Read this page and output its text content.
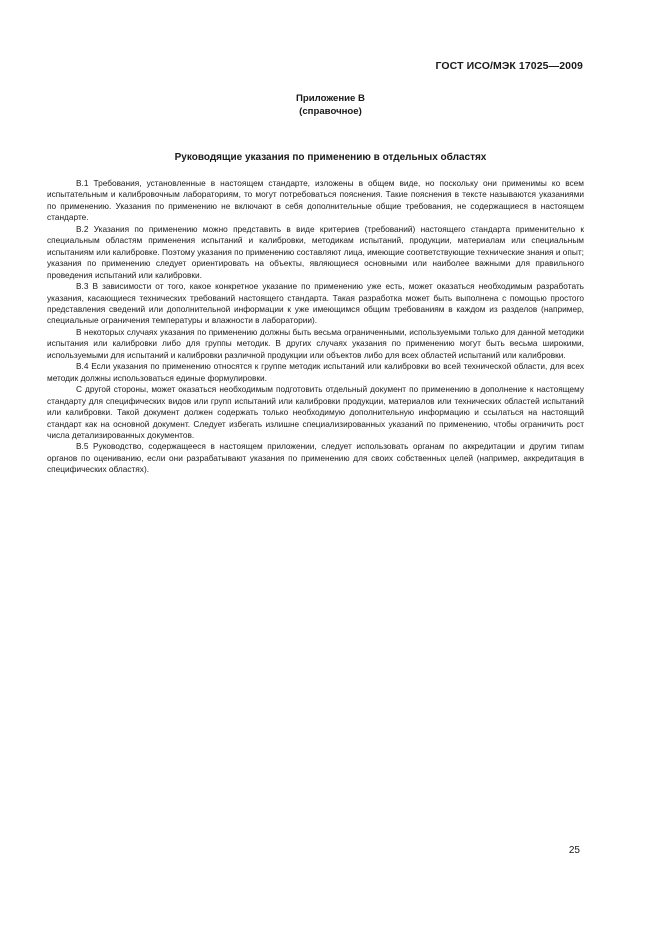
ГОСТ ИСО/МЭК 17025—2009
Приложение В
(справочное)
Руководящие указания по применению в отдельных областях

В.1 Требования, установленные в настоящем стандарте, изложены в общем виде, но поскольку они применимы ко всем испытательным и калибровочным лабораториям, то могут потребоваться пояснения. Такие пояснения в тексте называются указаниями по применению. Указания по применению не включают в себя дополнительные общие требования, не содержащиеся в настоящем стандарте.

В.2 Указания по применению можно представить в виде критериев (требований) настоящего стандарта применительно к специальным областям применения испытаний и калибровки, методикам испытаний, продукции, материалам или специальным испытаниям или калибровке. Поэтому указания по применению составляют лица, имеющие соответствующие технические знания и опыт; указания по применению следует ориентировать на объекты, являющиеся основными или наиболее важными для правильного проведения испытаний или калибровки.

В.3 В зависимости от того, какое конкретное указание по применению уже есть, может оказаться необходимым разработать указания, касающиеся технических требований настоящего стандарта. Такая разработка может быть выполнена с помощью простого представления сведений или дополнительной информации к уже имеющимся общим требованиям в каждом из разделов (например, специальные ограничения температуры и влажности в лаборатории).

В некоторых случаях указания по применению должны быть весьма ограниченными, используемыми только для данной методики испытания или калибровки либо для группы методик. В других случаях указания по применению могут быть весьма широкими, используемыми для испытаний и калибровки различной продукции или объектов либо для всех областей испытаний или калибровки.

В.4 Если указания по применению относятся к группе методик испытаний или калибровки во всей технической области, для всех методик должны использоваться единые формулировки.

С другой стороны, может оказаться необходимым подготовить отдельный документ по применению в дополнение к настоящему стандарту для специфических видов или групп испытаний или калибровки продукции, материалов или технических областей испытаний или калибровки. Такой документ должен содержать только необходимую дополнительную информацию и ссылаться на настоящий стандарт как на основной документ. Следует избегать излишне специализированных указаний по применению, чтобы ограничить рост числа детализированных документов.

В.5 Руководство, содержащееся в настоящем приложении, следует использовать органам по аккредитации и другим типам органов по оцениванию, если они разрабатывают указания по применению для своих собственных целей (например, аккредитация в специфических областях).

25
